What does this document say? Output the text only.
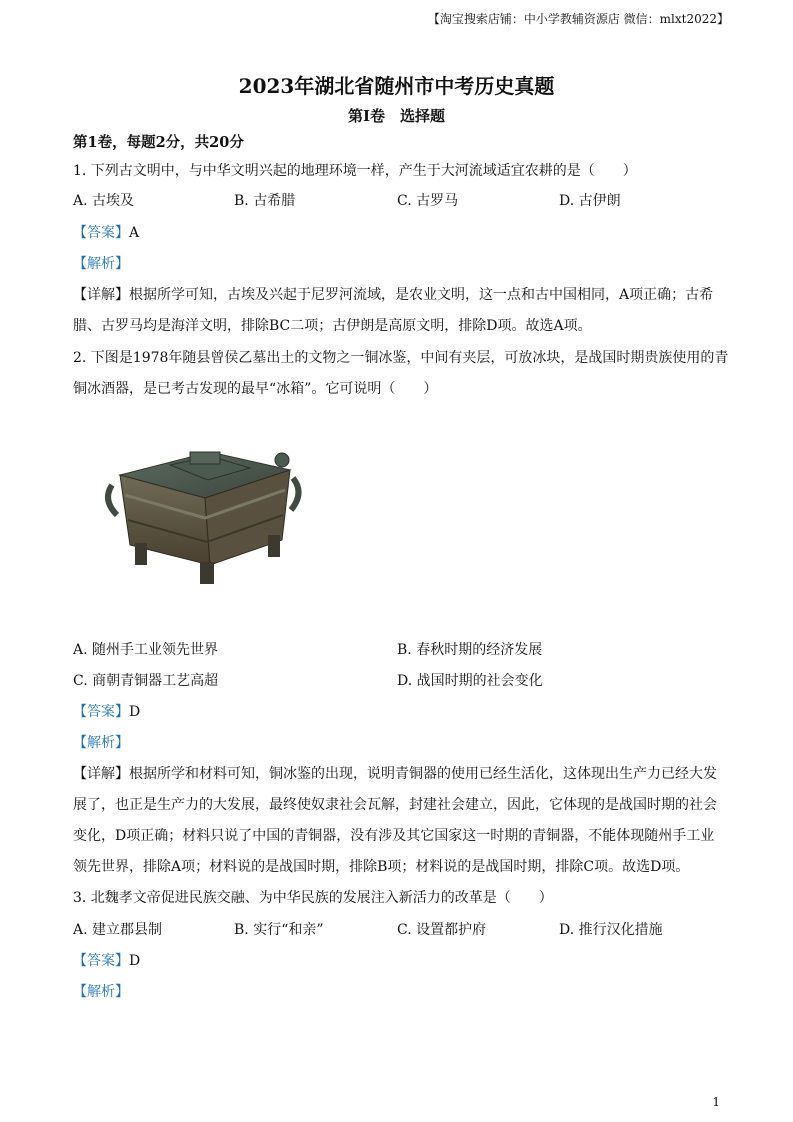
【淘宝搜索店铺：中小学教辅资源店 微信：mlxt2022】
2023年湖北省随州市中考历史真题
第Ⅰ卷　选择题
第1卷，每题2分，共20分
1. 下列古文明中，与中华文明兴起的地理环境一样，产生于大河流域适宜农耕的是（　　）
A. 古埃及	B. 古希腊	C. 古罗马	D. 古伊朗
【答案】A
【解析】
【详解】根据所学可知，古埃及兴起于尼罗河流域，是农业文明，这一点和古中国相同，A项正确；古希
腊、古罗马均是海洋文明，排除BC二项；古伊朗是高原文明，排除D项。故选A项。
2. 下图是1978年随县曾侯乙墓出土的文物之一铜冰鉴，中间有夹层，可放冰块，是战国时期贵族使用的青
铜冰酒器，是已考古发现的最早“冰箱”。它可说明（　　）
A. 随州手工业领先世界	B. 春秋时期的经济发展
C. 商朝青铜器工艺高超	D. 战国时期的社会变化
【答案】D
【解析】
【详解】根据所学和材料可知，铜冰鉴的出现，说明青铜器的使用已经生活化，这体现出生产力已经大发
展了，也正是生产力的大发展，最终使奴隶社会瓦解，封建社会建立，因此，它体现的是战国时期的社会
变化，D项正确；材料只说了中国的青铜器，没有涉及其它国家这一时期的青铜器，不能体现随州手工业
领先世界，排除A项；材料说的是战国时期，排除B项；材料说的是战国时期，排除C项。故选D项。
3. 北魏孝文帝促进民族交融、为中华民族的发展注入新活力的改革是（　　）
A. 建立郡县制	B. 实行“和亲”	C. 设置都护府	D. 推行汉化措施
【答案】D
【解析】
1
